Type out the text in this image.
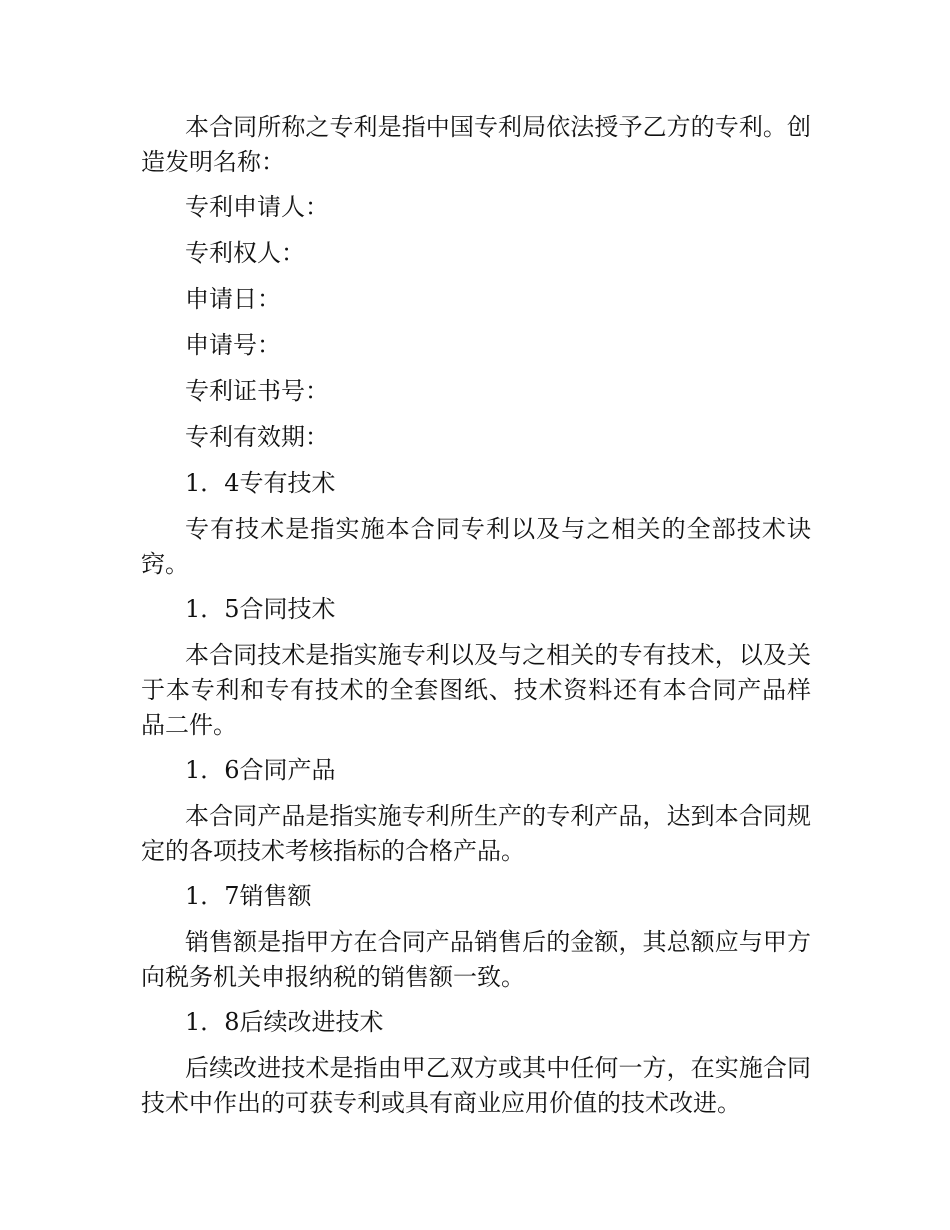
本合同所称之专利是指中国专利局依法授予乙方的专利。创造发明名称：

专利申请人：

专利权人：

申请日：

申请号：

专利证书号：

专利有效期：

1．4专有技术

专有技术是指实施本合同专利以及与之相关的全部技术诀窍。

1．5合同技术

本合同技术是指实施专利以及与之相关的专有技术，以及关于本专利和专有技术的全套图纸、技术资料还有本合同产品样品二件。

1．6合同产品

本合同产品是指实施专利所生产的专利产品，达到本合同规定的各项技术考核指标的合格产品。

1．7销售额

销售额是指甲方在合同产品销售后的金额，其总额应与甲方向税务机关申报纳税的销售额一致。

1．8后续改进技术

后续改进技术是指由甲乙双方或其中任何一方，在实施合同技术中作出的可获专利或具有商业应用价值的技术改进。
